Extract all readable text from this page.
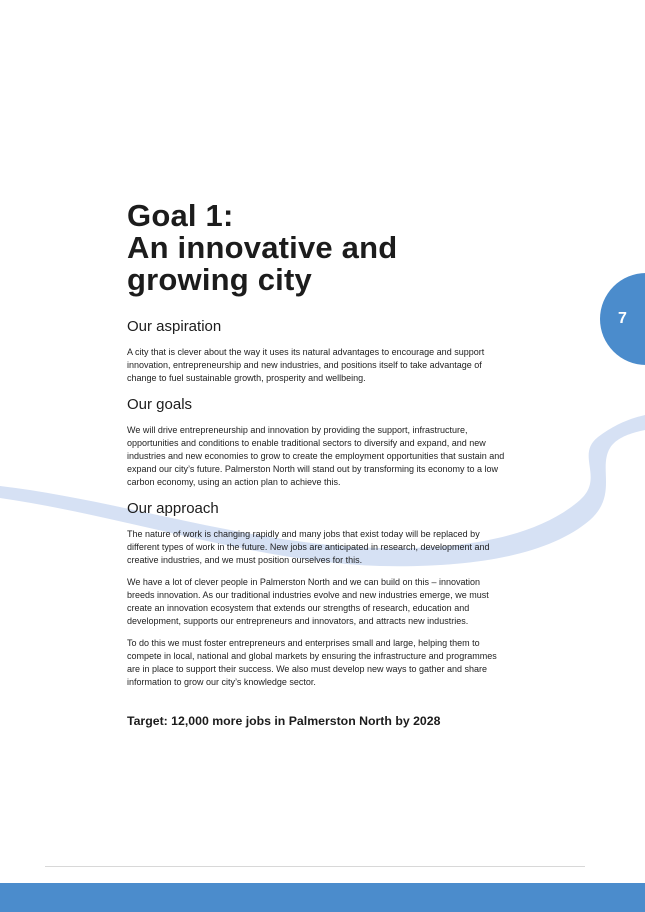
7
Goal 1:
An innovative and
growing city
Our aspiration

A city that is clever about the way it uses its natural advantages to encourage and support innovation, entrepreneurship and new industries, and positions itself to take advantage of change to fuel sustainable growth, prosperity and wellbeing.

Our goals

We will drive entrepreneurship and innovation by providing the support, infrastructure, opportunities and conditions to enable traditional sectors to diversify and expand, and new industries and new economies to grow to create the employment opportunities that sustain and expand our city’s future. Palmerston North will stand out by transforming its economy to a low carbon economy, using an action plan to achieve this.

Our approach

The nature of work is changing rapidly and many jobs that exist today will be replaced by different types of work in the future. New jobs are anticipated in research, development and creative industries, and we must position ourselves for this.

We have a lot of clever people in Palmerston North and we can build on this – innovation breeds innovation. As our traditional industries evolve and new industries emerge, we must create an innovation ecosystem that extends our strengths of research, education and development, supports our entrepreneurs and innovators, and attracts new industries.

To do this we must foster entrepreneurs and enterprises small and large, helping them to compete in local, national and global markets by ensuring the infrastructure and programmes are in place to support their success. We also must develop new ways to gather and share information to grow our city’s knowledge sector.

Target: 12,000 more jobs in Palmerston North by 2028
